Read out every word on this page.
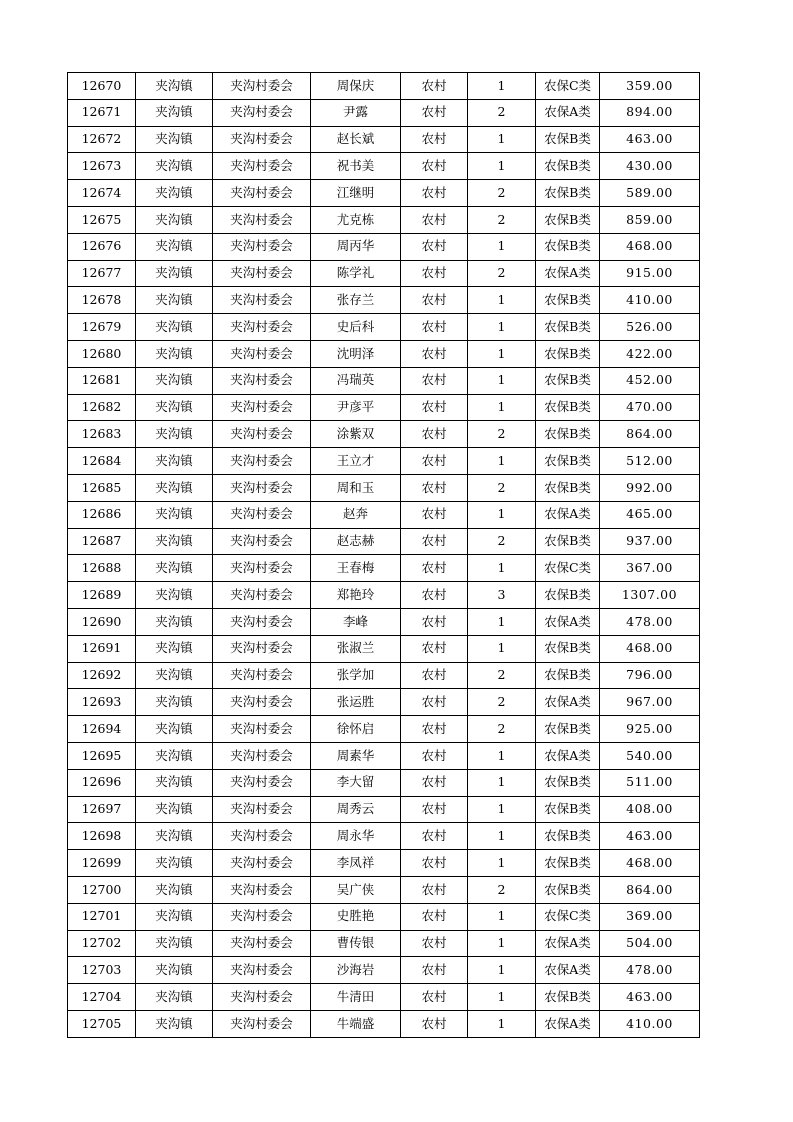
12670	夹沟镇	夹沟村委会	周保庆	农村	1	农保C类	359.00
12671	夹沟镇	夹沟村委会	尹露	农村	2	农保A类	894.00
12672	夹沟镇	夹沟村委会	赵长斌	农村	1	农保B类	463.00
12673	夹沟镇	夹沟村委会	祝书美	农村	1	农保B类	430.00
12674	夹沟镇	夹沟村委会	江继明	农村	2	农保B类	589.00
12675	夹沟镇	夹沟村委会	尤克栋	农村	2	农保B类	859.00
12676	夹沟镇	夹沟村委会	周丙华	农村	1	农保B类	468.00
12677	夹沟镇	夹沟村委会	陈学礼	农村	2	农保A类	915.00
12678	夹沟镇	夹沟村委会	张存兰	农村	1	农保B类	410.00
12679	夹沟镇	夹沟村委会	史后科	农村	1	农保B类	526.00
12680	夹沟镇	夹沟村委会	沈明泽	农村	1	农保B类	422.00
12681	夹沟镇	夹沟村委会	冯瑞英	农村	1	农保B类	452.00
12682	夹沟镇	夹沟村委会	尹彦平	农村	1	农保B类	470.00
12683	夹沟镇	夹沟村委会	涂紫双	农村	2	农保B类	864.00
12684	夹沟镇	夹沟村委会	王立才	农村	1	农保B类	512.00
12685	夹沟镇	夹沟村委会	周和玉	农村	2	农保B类	992.00
12686	夹沟镇	夹沟村委会	赵奔	农村	1	农保A类	465.00
12687	夹沟镇	夹沟村委会	赵志赫	农村	2	农保B类	937.00
12688	夹沟镇	夹沟村委会	王春梅	农村	1	农保C类	367.00
12689	夹沟镇	夹沟村委会	郑艳玲	农村	3	农保B类	1307.00
12690	夹沟镇	夹沟村委会	李峰	农村	1	农保A类	478.00
12691	夹沟镇	夹沟村委会	张淑兰	农村	1	农保B类	468.00
12692	夹沟镇	夹沟村委会	张学加	农村	2	农保B类	796.00
12693	夹沟镇	夹沟村委会	张运胜	农村	2	农保A类	967.00
12694	夹沟镇	夹沟村委会	徐怀启	农村	2	农保B类	925.00
12695	夹沟镇	夹沟村委会	周素华	农村	1	农保A类	540.00
12696	夹沟镇	夹沟村委会	李大留	农村	1	农保B类	511.00
12697	夹沟镇	夹沟村委会	周秀云	农村	1	农保B类	408.00
12698	夹沟镇	夹沟村委会	周永华	农村	1	农保B类	463.00
12699	夹沟镇	夹沟村委会	李凤祥	农村	1	农保B类	468.00
12700	夹沟镇	夹沟村委会	吴广侠	农村	2	农保B类	864.00
12701	夹沟镇	夹沟村委会	史胜艳	农村	1	农保C类	369.00
12702	夹沟镇	夹沟村委会	曹传银	农村	1	农保A类	504.00
12703	夹沟镇	夹沟村委会	沙海岩	农村	1	农保A类	478.00
12704	夹沟镇	夹沟村委会	牛清田	农村	1	农保B类	463.00
12705	夹沟镇	夹沟村委会	牛端盛	农村	1	农保A类	410.00
